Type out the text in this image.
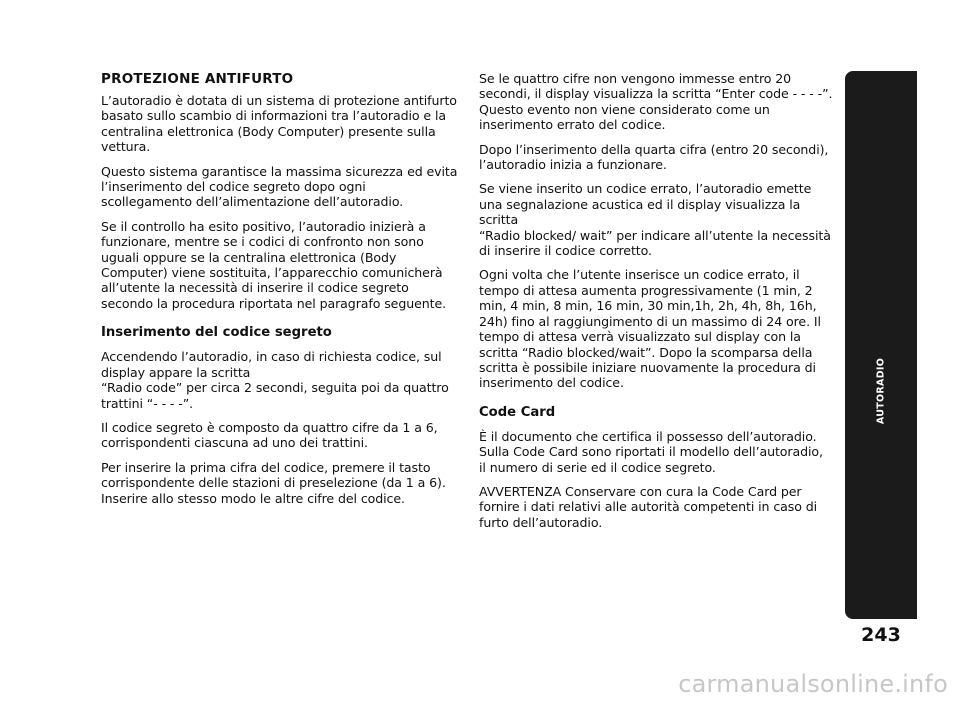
PROTEZIONE ANTIFURTO

L’autoradio è dotata di un sistema di protezione antifurto
basato sullo scambio di informazioni tra l’autoradio e la
centralina elettronica (Body Computer) presente sulla
vettura.

Questo sistema garantisce la massima sicurezza ed evita
l’inserimento del codice segreto dopo ogni
scollegamento dell’alimentazione dell’autoradio.

Se il controllo ha esito positivo, l’autoradio inizierà a
funzionare, mentre se i codici di confronto non sono
uguali oppure se la centralina elettronica (Body
Computer) viene sostituita, l’apparecchio comunicherà
all’utente la necessità di inserire il codice segreto
secondo la procedura riportata nel paragrafo seguente.

Inserimento del codice segreto

Accendendo l’autoradio, in caso di richiesta codice, sul
display appare la scritta
“Radio code” per circa 2 secondi, seguita poi da quattro
trattini “- - - -”.

Il codice segreto è composto da quattro cifre da 1 a 6,
corrispondenti ciascuna ad uno dei trattini.

Per inserire la prima cifra del codice, premere il tasto
corrispondente delle stazioni di preselezione (da 1 a 6).
Inserire allo stesso modo le altre cifre del codice.

Se le quattro cifre non vengono immesse entro 20
secondi, il display visualizza la scritta “Enter code - - - -”.
Questo evento non viene considerato come un
inserimento errato del codice.

Dopo l’inserimento della quarta cifra (entro 20 secondi),
l’autoradio inizia a funzionare.

Se viene inserito un codice errato, l’autoradio emette
una segnalazione acustica ed il display visualizza la scritta
“Radio blocked/ wait” per indicare all’utente la necessità
di inserire il codice corretto.

Ogni volta che l’utente inserisce un codice errato, il
tempo di attesa aumenta progressivamente (1 min, 2
min, 4 min, 8 min, 16 min, 30 min,1h, 2h, 4h, 8h, 16h,
24h) fino al raggiungimento di un massimo di 24 ore. Il
tempo di attesa verrà visualizzato sul display con la
scritta “Radio blocked/wait”. Dopo la scomparsa della
scritta è possibile iniziare nuovamente la procedura di
inserimento del codice.

Code Card

È il documento che certifica il possesso dell’autoradio.
Sulla Code Card sono riportati il modello dell’autoradio,
il numero di serie ed il codice segreto.

AVVERTENZA Conservare con cura la Code Card per
fornire i dati relativi alle autorità competenti in caso di
furto dell’autoradio.

AUTORADIO
243
carmanualsonline.info
